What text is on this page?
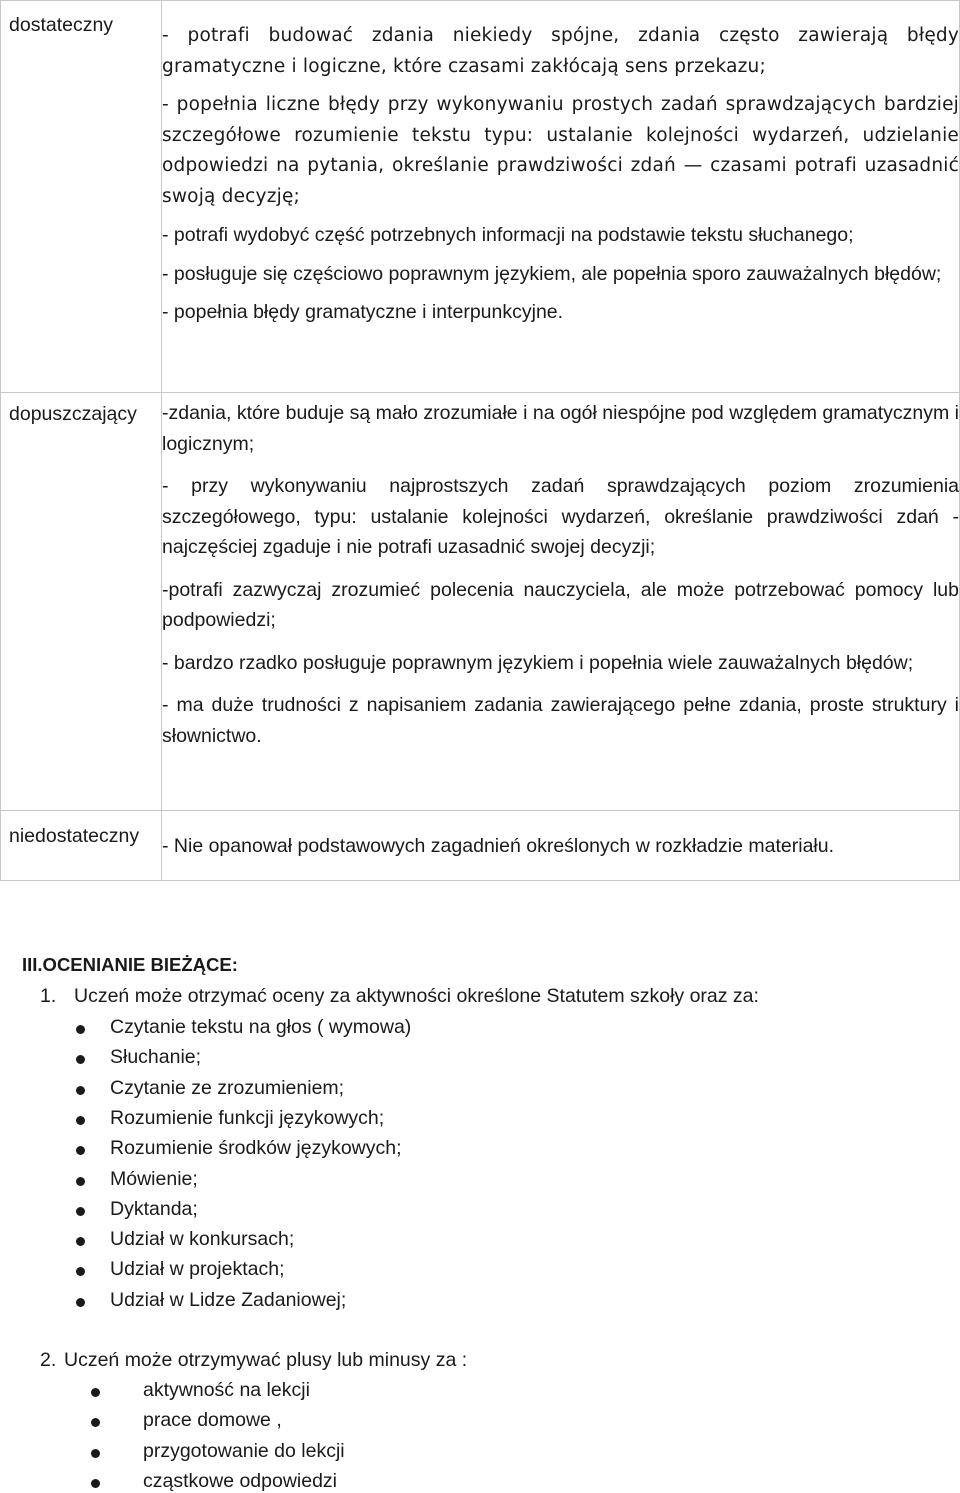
dostateczny	- potrafi budować zdania niekiedy spójne, zdania często zawierają błędy gramatyczne i logiczne, które czasami zakłócają sens przekazu;

- popełnia liczne błędy przy wykonywaniu prostych zadań sprawdzających bardziej szczegółowe rozumienie tekstu typu: ustalanie kolejności wydarzeń, udzielanie odpowiedzi na pytania, określanie prawdziwości zdań — czasami potrafi uzasadnić swoją decyzję;

- potrafi wydobyć część potrzebnych informacji na podstawie tekstu słuchanego;

- posługuje się częściowo poprawnym językiem, ale popełnia sporo zauważalnych błędów;

- popełnia błędy gramatyczne i interpunkcyjne.

dopuszczający	-zdania, które buduje są mało zrozumiałe i na ogół niespójne pod względem gramatycznym i logicznym;

- przy wykonywaniu najprostszych zadań sprawdzających poziom zrozumienia szczegółowego, typu: ustalanie kolejności wydarzeń, określanie prawdziwości zdań - najczęściej zgaduje i nie potrafi uzasadnić swojej decyzji;

-potrafi zazwyczaj zrozumieć polecenia nauczyciela, ale może potrzebować pomocy lub podpowiedzi;

- bardzo rzadko posługuje poprawnym językiem i popełnia wiele zauważalnych błędów;

- ma duże trudności z napisaniem zadania zawierającego pełne zdania, proste struktury i słownictwo.

niedostateczny	- Nie opanował podstawowych zagadnień określonych w rozkładzie materiału.

III.OCENIANIE BIEŻĄCE:
1. Uczeń może otrzymać oceny za aktywności określone Statutem szkoły oraz za:
Czytanie tekstu na głos ( wymowa)
Słuchanie;
Czytanie ze zrozumieniem;
Rozumienie funkcji językowych;
Rozumienie środków językowych;
Mówienie;
Dyktanda;
Udział w konkursach;
Udział w projektach;
Udział w Lidze Zadaniowej;
2. Uczeń może otrzymywać plusy lub minusy za :
aktywność na lekcji
prace domowe ,
przygotowanie do lekcji
cząstkowe odpowiedzi
